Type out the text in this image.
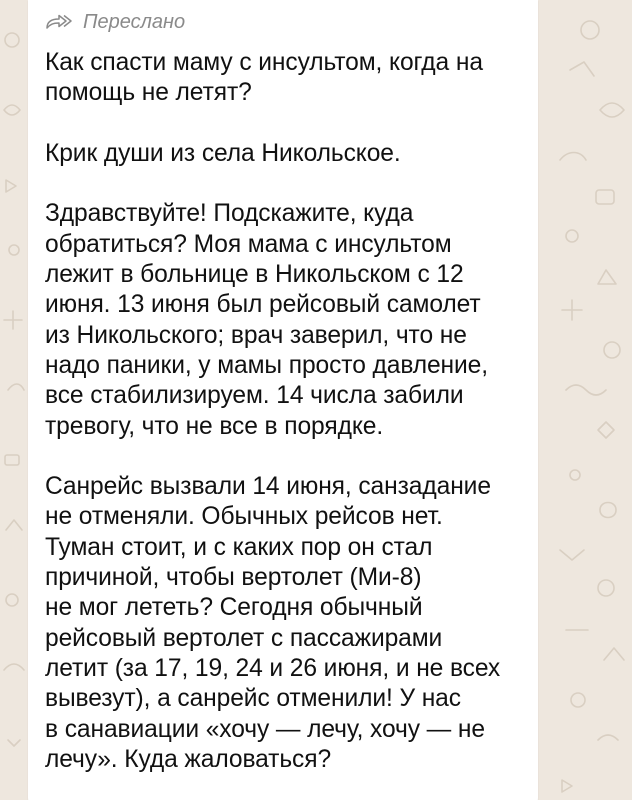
Переслано

Как спасти маму с инсультом, когда на
помощь не летят?

Крик души из села Никольское.

Здравствуйте! Подскажите, куда
обратиться? Моя мама с инсультом
лежит в больнице в Никольском с 12
июня. 13 июня был рейсовый самолет
из Никольского; врач заверил, что не
надо паники, у мамы просто давление,
все стабилизируем. 14 числа забили
тревогу, что не все в порядке.

Санрейс вызвали 14 июня, санзадание
не отменяли. Обычных рейсов нет.
Туман стоит, и с каких пор он стал
причиной, чтобы вертолет (Ми-8)
не мог лететь? Сегодня обычный
рейсовый вертолет с пассажирами
летит (за 17, 19, 24 и 26 июня, и не всех
вывезут), а санрейс отменили! У нас
в санавиации «хочу — лечу, хочу — не
лечу». Куда жаловаться?
